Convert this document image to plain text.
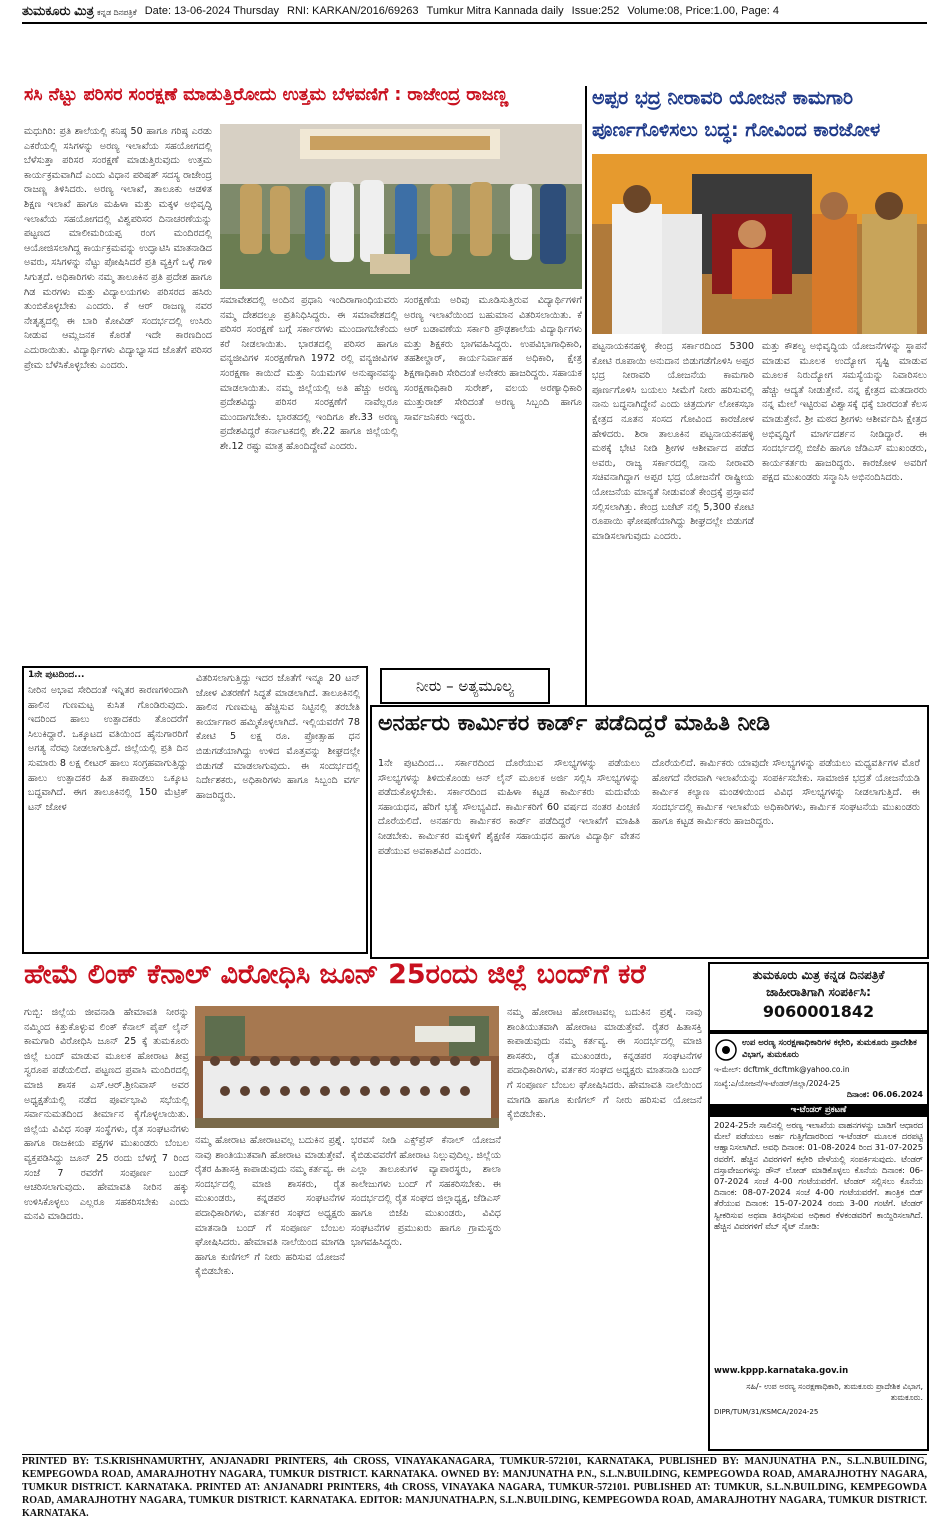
ತುಮಕೂರು ಮಿತ್ರ ಕನ್ನಡ ದಿನಪತ್ರಿಕೆ Date: 13-06-2024 Thursday RNI: KARKAN/2016/69263 Tumkur Mitra Kannada daily Issue:252 Volume:08, Price:1.00, Page: 4
ಸಸಿ ನೆಟ್ಟು ಪರಿಸರ ಸಂರಕ್ಷಣೆ ಮಾಡುತ್ತಿರೋದು ಉತ್ತಮ ಬೆಳವಣಿಗೆ : ರಾಜೇಂದ್ರ ರಾಜಣ್ಣ
ಮಧುಗಿರಿ: ಪ್ರತಿ ಶಾಲೆಯಲ್ಲಿ ಕನಿಷ್ಠ 50 ಹಾಗೂ ಗರಿಷ್ಠ ಎರಡು ಎಕರೆಯಲ್ಲಿ ಸಸಿಗಳನ್ನು ಅರಣ್ಯ ಇಲಾಖೆಯ ಸಹಯೋಗದಲ್ಲಿ ಬೆಳೆಸುತ್ತಾ ಪರಿಸರ ಸಂರಕ್ಷಣೆ ಮಾಡುತ್ತಿರುವುದು ಉತ್ತಮ ಕಾರ್ಯಕ್ರಮವಾಗಿದೆ ಎಂದು ವಿಧಾನ ಪರಿಷತ್ ಸದಸ್ಯ ರಾಜೇಂದ್ರ ರಾಜಣ್ಣ ತಿಳಿಸಿದರು. ಅರಣ್ಯ ಇಲಾಖೆ, ತಾಲೂಕು ಆಡಳಿತ ಶಿಕ್ಷಣ ಇಲಾಖೆ ಹಾಗೂ ಮಹಿಳಾ ಮತ್ತು ಮಕ್ಕಳ ಅಭಿವೃದ್ಧಿ ಇಲಾಖೆಯ ಸಹಯೋಗದಲ್ಲಿ ವಿಶ್ವಪರಿಸರ ದಿನಾಚರಣೆಯನ್ನು ಪಟ್ಟಣದ ಮಾಲೀಮರಿಯಪ್ಪ ರಂಗ ಮಂದಿರದಲ್ಲಿ ಆಯೋಜಿಸಲಾಗಿದ್ದ ಕಾರ್ಯಕ್ರಮವನ್ನು ಉದ್ಘಾಟಿಸಿ ಮಾತನಾಡಿದ ಅವರು, ಸಸಿಗಳನ್ನು ನೆಟ್ಟು ಪೋಷಿಸಿದರೆ ಪ್ರತಿ ವ್ಯಕ್ತಿಗೆ ಒಳ್ಳೆ ಗಾಳಿ ಸಿಗುತ್ತದೆ. ಅಧಿಕಾರಿಗಳು ನಮ್ಮ ತಾಲೂಕಿನ ಪ್ರತಿ ಪ್ರದೇಶ ಹಾಗೂ ಗಿಡ ಮರಗಳು ಮತ್ತು ವಿದ್ಯಾಲಯಗಳು ಪರಿಸರದ ಹಸಿರು ತುಂಬಿಕೊಳ್ಳಬೇಕು ಎಂದರು. ಕೆ ಆರ್ ರಾಜಣ್ಣ ನವರ ನೇತೃತ್ವದಲ್ಲಿ ಈ ಬಾರಿ ಕೋವಿಡ್ ಸಂದರ್ಭದಲ್ಲಿ ಉಸಿರು ನೀಡುವ ಆಮ್ಲಜನಕ ಕೊರತೆ ಇದೇ ಕಾರಣದಿಂದ ಎದುರಾಯಿತು. ವಿದ್ಯಾರ್ಥಿಗಳು ವಿದ್ಯಾಭ್ಯಾಸದ ಜೊತೆಗೆ ಪರಿಸರ ಪ್ರೇಮ ಬೆಳೆಸಿಕೊಳ್ಳಬೇಕು ಎಂದರು.
ಸಮಾವೇಶದಲ್ಲಿ ಅಂದಿನ ಪ್ರಧಾನಿ ಇಂದಿರಾಗಾಂಧಿಯವರು ನಮ್ಮ ದೇಶದಲ್ಲೂ ಪ್ರತಿನಿಧಿಸಿದ್ದರು. ಈ ಸಮಾವೇಶದಲ್ಲಿ ಪರಿಸರ ಸಂರಕ್ಷಣೆ ಬಗ್ಗೆ ಸರ್ಕಾರಗಳು ಮುಂದಾಗಬೇಕೆಂದು ಕರೆ ನೀಡಲಾಯಿತು. ಭಾರತದಲ್ಲಿ ಪರಿಸರ ಹಾಗೂ ವನ್ಯಜೀವಿಗಳ ಸಂರಕ್ಷಣೆಗಾಗಿ 1972 ರಲ್ಲಿ ವನ್ಯಜೀವಿಗಳ ಸಂರಕ್ಷಣಾ ಕಾಯಿದೆ ಮತ್ತು ನಿಯಮಗಳ ಅನುಷ್ಠಾನವನ್ನು ಮಾಡಲಾಯಿತು. ನಮ್ಮ ಜಿಲ್ಲೆಯಲ್ಲಿ ಅತಿ ಹೆಚ್ಚು ಅರಣ್ಯ ಪ್ರದೇಶವಿದ್ದು ಪರಿಸರ ಸಂರಕ್ಷಣೆಗೆ ನಾವೆಲ್ಲರೂ ಮುಂದಾಗಬೇಕು. ಭಾರತದಲ್ಲಿ ಇಂದಿಗೂ ಶೇ.33 ಅರಣ್ಯ ಪ್ರದೇಶವಿದ್ದರೆ ಕರ್ನಾಟಕದಲ್ಲಿ ಶೇ.22 ಹಾಗೂ ಜಿಲ್ಲೆಯಲ್ಲಿ ಶೇ.12 ರಷ್ಟು ಮಾತ್ರ ಹೊಂದಿದ್ದೇವೆ ಎಂದರು.
ಸಂರಕ್ಷಣೆಯ ಅರಿವು ಮೂಡಿಸುತ್ತಿರುವ ವಿದ್ಯಾರ್ಥಿಗಳಿಗೆ ಅರಣ್ಯ ಇಲಾಖೆಯಿಂದ ಬಹುಮಾನ ವಿತರಿಸಲಾಯಿತು. ಕೆ ಆರ್ ಬಡಾವಣೆಯ ಸರ್ಕಾರಿ ಪ್ರೌಢಶಾಲೆಯ ವಿದ್ಯಾರ್ಥಿಗಳು ಮತ್ತು ಶಿಕ್ಷಕರು ಭಾಗವಹಿಸಿದ್ದರು. ಉಪವಿಭಾಗಾಧಿಕಾರಿ, ತಹಶೀಲ್ದಾರ್, ಕಾರ್ಯನಿರ್ವಾಹಕ ಅಧಿಕಾರಿ, ಕ್ಷೇತ್ರ ಶಿಕ್ಷಣಾಧಿಕಾರಿ ಸೇರಿದಂತೆ ಅನೇಕರು ಹಾಜರಿದ್ದರು. ಸಹಾಯಕ ಸಂರಕ್ಷಣಾಧಿಕಾರಿ ಸುರೇಶ್, ವಲಯ ಅರಣ್ಯಾಧಿಕಾರಿ ಮುತ್ತುರಾಜ್ ಸೇರಿದಂತೆ ಅರಣ್ಯ ಸಿಬ್ಬಂದಿ ಹಾಗೂ ಸಾರ್ವಜನಿಕರು ಇದ್ದರು.
ಅಪ್ಪರ ಭದ್ರ ನೀರಾವರಿ ಯೋಜನೆ ಕಾಮಗಾರಿ
ಪೂರ್ಣಗೊಳಿಸಲು ಬದ್ಧ: ಗೋವಿಂದ ಕಾರಜೋಳ
ಪಟ್ಟನಾಯಕನಹಳ್ಳಿ ಕೇಂದ್ರ ಸರ್ಕಾರದಿಂದ 5300 ಕೋಟಿ ರೂಪಾಯಿ ಅನುದಾನ ಬಿಡುಗಡೆಗೊಳಿಸಿ ಅಪ್ಪರ ಭದ್ರ ನೀರಾವರಿ ಯೋಜನೆಯ ಕಾಮಗಾರಿ ಪೂರ್ಣಗೊಳಿಸಿ ಬಯಲು ಸೀಮೆಗೆ ನೀರು ಹರಿಸುವಲ್ಲಿ ನಾನು ಬದ್ಧನಾಗಿದ್ದೇನೆ ಎಂದು ಚಿತ್ರದುರ್ಗ ಲೋಕಸಭಾ ಕ್ಷೇತ್ರದ ನೂತನ ಸಂಸದ ಗೋವಿಂದ ಕಾರಜೋಳ ಹೇಳಿದರು. ಶಿರಾ ತಾಲೂಕಿನ ಪಟ್ಟನಾಯಕನಹಳ್ಳಿ ಮಠಕ್ಕೆ ಭೇಟಿ ನೀಡಿ ಶ್ರೀಗಳ ಆಶೀರ್ವಾದ ಪಡೆದ ಅವರು, ರಾಜ್ಯ ಸರ್ಕಾರದಲ್ಲಿ ನಾನು ನೀರಾವರಿ ಸಚಿವನಾಗಿದ್ದಾಗ ಅಪ್ಪರ ಭದ್ರ ಯೋಜನೆಗೆ ರಾಷ್ಟ್ರೀಯ ಯೋಜನೆಯ ಮಾನ್ಯತೆ ನೀಡುವಂತೆ ಕೇಂದ್ರಕ್ಕೆ ಪ್ರಸ್ತಾವನೆ ಸಲ್ಲಿಸಲಾಗಿತ್ತು. ಕೇಂದ್ರ ಬಜೆಟ್ ನಲ್ಲಿ 5,300 ಕೋಟಿ ರೂಪಾಯಿ ಘೋಷಣೆಯಾಗಿದ್ದು ಶೀಘ್ರದಲ್ಲೇ ಬಿಡುಗಡೆ ಮಾಡಿಸಲಾಗುವುದು ಎಂದರು.
ಮತ್ತು ಕೌಶಲ್ಯ ಅಭಿವೃದ್ಧಿಯ ಯೋಜನೆಗಳನ್ನು ಸ್ಥಾಪನೆ ಮಾಡುವ ಮೂಲಕ ಉದ್ಯೋಗ ಸೃಷ್ಟಿ ಮಾಡುವ ಮೂಲಕ ನಿರುದ್ಯೋಗ ಸಮಸ್ಯೆಯನ್ನು ನಿವಾರಿಸಲು ಹೆಚ್ಚು ಆದ್ಯತೆ ನೀಡುತ್ತೇನೆ. ನನ್ನ ಕ್ಷೇತ್ರದ ಮತದಾರರು ನನ್ನ ಮೇಲೆ ಇಟ್ಟಿರುವ ವಿಶ್ವಾಸಕ್ಕೆ ಧಕ್ಕೆ ಬಾರದಂತೆ ಕೆಲಸ ಮಾಡುತ್ತೇನೆ. ಶ್ರೀ ಮಠದ ಶ್ರೀಗಳು ಆಶೀರ್ವದಿಸಿ ಕ್ಷೇತ್ರದ ಅಭಿವೃದ್ಧಿಗೆ ಮಾರ್ಗದರ್ಶನ ನೀಡಿದ್ದಾರೆ. ಈ ಸಂದರ್ಭದಲ್ಲಿ ಬಿಜೆಪಿ ಹಾಗೂ ಜೆಡಿಎಸ್ ಮುಖಂಡರು, ಕಾರ್ಯಕರ್ತರು ಹಾಜರಿದ್ದರು. ಕಾರಜೋಳ ಅವರಿಗೆ ಪಕ್ಷದ ಮುಖಂಡರು ಸನ್ಮಾನಿಸಿ ಅಭಿನಂದಿಸಿದರು.
1ನೇ ಪುಟದಿಂದ...
ನೀರಿನ ಅಭಾವ ಸೇರಿದಂತೆ ಇನ್ನಿತರ ಕಾರಣಗಳಿಂದಾಗಿ ಹಾಲಿನ ಗುಣಮಟ್ಟ ಕುಸಿತ ಗೊಂಡಿರುವುದು. ಇದರಿಂದ ಹಾಲು ಉತ್ಪಾದಕರು ತೊಂದರೆಗೆ ಸಿಲುಕಿದ್ದಾರೆ. ಒಕ್ಕೂಟದ ವತಿಯಿಂದ ಹೈನುಗಾರರಿಗೆ ಅಗತ್ಯ ನೆರವು ನೀಡಲಾಗುತ್ತಿದೆ. ಜಿಲ್ಲೆಯಲ್ಲಿ ಪ್ರತಿ ದಿನ ಸುಮಾರು 8 ಲಕ್ಷ ಲೀಟರ್ ಹಾಲು ಸಂಗ್ರಹವಾಗುತ್ತಿದ್ದು ಹಾಲು ಉತ್ಪಾದಕರ ಹಿತ ಕಾಪಾಡಲು ಒಕ್ಕೂಟ ಬದ್ಧವಾಗಿದೆ. ಈಗ ತಾಲೂಕಿನಲ್ಲಿ 150 ಮೆಟ್ರಿಕ್ ಟನ್ ಜೋಳ
ವಿತರಿಸಲಾಗುತ್ತಿದ್ದು ಇದರ ಜೊತೆಗೆ ಇನ್ನೂ 20 ಟನ್ ಜೋಳ ವಿತರಣೆಗೆ ಸಿದ್ಧತೆ ಮಾಡಲಾಗಿದೆ. ತಾಲೂಕಿನಲ್ಲಿ ಹಾಲಿನ ಗುಣಮಟ್ಟ ಹೆಚ್ಚಿಸುವ ನಿಟ್ಟಿನಲ್ಲಿ ತರಬೇತಿ ಕಾರ್ಯಾಗಾರ ಹಮ್ಮಿಕೊಳ್ಳಲಾಗಿದೆ. ಇಲ್ಲಿಯವರೆಗೆ 78 ಕೋಟಿ 5 ಲಕ್ಷ ರೂ. ಪ್ರೋತ್ಸಾಹ ಧನ ಬಿಡುಗಡೆಯಾಗಿದ್ದು ಉಳಿದ ಮೊತ್ತವನ್ನು ಶೀಘ್ರದಲ್ಲೇ ಬಿಡುಗಡೆ ಮಾಡಲಾಗುವುದು. ಈ ಸಂದರ್ಭದಲ್ಲಿ ನಿರ್ದೇಶಕರು, ಅಧಿಕಾರಿಗಳು ಹಾಗೂ ಸಿಬ್ಬಂದಿ ವರ್ಗ ಹಾಜರಿದ್ದರು.
ನೀರು – ಅತ್ಯಮೂಲ್ಯ
ಅನರ್ಹರು ಕಾರ್ಮಿಕರ ಕಾರ್ಡ್ ಪಡೆದಿದ್ದರೆ ಮಾಹಿತಿ ನೀಡಿ
1ನೇ ಪುಟದಿಂದ... ಸರ್ಕಾರದಿಂದ ದೊರೆಯುವ ಸೌಲಭ್ಯಗಳನ್ನು ಪಡೆಯಲು ಸೌಲಭ್ಯಗಳನ್ನು ತಿಳಿದುಕೊಂಡು ಆನ್ ಲೈನ್ ಮೂಲಕ ಅರ್ಜಿ ಸಲ್ಲಿಸಿ ಸೌಲಭ್ಯಗಳನ್ನು ಪಡೆದುಕೊಳ್ಳಬೇಕು. ಸರ್ಕಾರದಿಂದ ಮಹಿಳಾ ಕಟ್ಟಡ ಕಾರ್ಮಿಕರು ಮದುವೆಯ ಸಹಾಯಧನ, ಹೆರಿಗೆ ಭತ್ಯೆ ಸೌಲಭ್ಯವಿದೆ. ಕಾರ್ಮಿಕರಿಗೆ 60 ವರ್ಷದ ನಂತರ ಪಿಂಚಣಿ ದೊರೆಯಲಿದೆ. ಅನರ್ಹರು ಕಾರ್ಮಿಕರ ಕಾರ್ಡ್ ಪಡೆದಿದ್ದರೆ ಇಲಾಖೆಗೆ ಮಾಹಿತಿ ನೀಡಬೇಕು. ಕಾರ್ಮಿಕರ ಮಕ್ಕಳಿಗೆ ಶೈಕ್ಷಣಿಕ ಸಹಾಯಧನ ಹಾಗೂ ವಿದ್ಯಾರ್ಥಿ ವೇತನ ಪಡೆಯುವ ಅವಕಾಶವಿದೆ ಎಂದರು.
ದೊರೆಯಲಿದೆ. ಕಾರ್ಮಿಕರು ಯಾವುದೇ ಸೌಲಭ್ಯಗಳನ್ನು ಪಡೆಯಲು ಮಧ್ಯವರ್ತಿಗಳ ಮೊರೆ ಹೋಗದೆ ನೇರವಾಗಿ ಇಲಾಖೆಯನ್ನು ಸಂಪರ್ಕಿಸಬೇಕು. ಸಾಮಾಜಿಕ ಭದ್ರತೆ ಯೋಜನೆಯಡಿ ಕಾರ್ಮಿಕ ಕಲ್ಯಾಣ ಮಂಡಳಿಯಿಂದ ವಿವಿಧ ಸೌಲಭ್ಯಗಳನ್ನು ನೀಡಲಾಗುತ್ತಿದೆ. ಈ ಸಂದರ್ಭದಲ್ಲಿ ಕಾರ್ಮಿಕ ಇಲಾಖೆಯ ಅಧಿಕಾರಿಗಳು, ಕಾರ್ಮಿಕ ಸಂಘಟನೆಯ ಮುಖಂಡರು ಹಾಗೂ ಕಟ್ಟಡ ಕಾರ್ಮಿಕರು ಹಾಜರಿದ್ದರು.
ಹೇಮೆ ಲಿಂಕ್ ಕೆನಾಲ್ ವಿರೋಧಿಸಿ ಜೂನ್ 25ರಂದು ಜಿಲ್ಲೆ ಬಂದ್‌ಗೆ ಕರೆ
ಗುಬ್ಬಿ: ಜಿಲ್ಲೆಯ ಜೀವನಾಡಿ ಹೇಮಾವತಿ ನೀರನ್ನು ನಮ್ಮಿಂದ ಕಿತ್ತುಕೊಳ್ಳುವ ಲಿಂಕ್ ಕೆನಾಲ್ ಪೈಪ್ ಲೈನ್ ಕಾಮಗಾರಿ ವಿರೋಧಿಸಿ ಜೂನ್ 25 ಕ್ಕೆ ತುಮಕೂರು ಜಿಲ್ಲೆ ಬಂದ್ ಮಾಡುವ ಮೂಲಕ ಹೋರಾಟ ತೀವ್ರ ಸ್ವರೂಪ ಪಡೆಯಲಿದೆ. ಪಟ್ಟಣದ ಪ್ರವಾಸಿ ಮಂದಿರದಲ್ಲಿ ಮಾಜಿ ಶಾಸಕ ಎಸ್.ಆರ್.ಶ್ರೀನಿವಾಸ್ ಅವರ ಅಧ್ಯಕ್ಷತೆಯಲ್ಲಿ ನಡೆದ ಪೂರ್ವಭಾವಿ ಸಭೆಯಲ್ಲಿ ಸರ್ವಾನುಮತದಿಂದ ತೀರ್ಮಾನ ಕೈಗೊಳ್ಳಲಾಯಿತು. ಜಿಲ್ಲೆಯ ವಿವಿಧ ಸಂಘ ಸಂಸ್ಥೆಗಳು, ರೈತ ಸಂಘಟನೆಗಳು ಹಾಗೂ ರಾಜಕೀಯ ಪಕ್ಷಗಳ ಮುಖಂಡರು ಬೆಂಬಲ ವ್ಯಕ್ತಪಡಿಸಿದ್ದು ಜೂನ್ 25 ರಂದು ಬೆಳಗ್ಗೆ 7 ರಿಂದ ಸಂಜೆ 7 ರವರೆಗೆ ಸಂಪೂರ್ಣ ಬಂದ್ ಆಚರಿಸಲಾಗುವುದು. ಹೇಮಾವತಿ ನೀರಿನ ಹಕ್ಕು ಉಳಿಸಿಕೊಳ್ಳಲು ಎಲ್ಲರೂ ಸಹಕರಿಸಬೇಕು ಎಂದು ಮನವಿ ಮಾಡಿದರು.
ನಮ್ಮ ಹೋರಾಟ ಹೋರಾಟವಲ್ಲ ಬದುಕಿನ ಪ್ರಶ್ನೆ. ನಾವು ಶಾಂತಿಯುತವಾಗಿ ಹೋರಾಟ ಮಾಡುತ್ತೇವೆ. ರೈತರ ಹಿತಾಸಕ್ತಿ ಕಾಪಾಡುವುದು ನಮ್ಮ ಕರ್ತವ್ಯ. ಈ ಸಂದರ್ಭದಲ್ಲಿ ಮಾಜಿ ಶಾಸಕರು, ರೈತ ಮುಖಂಡರು, ಕನ್ನಡಪರ ಸಂಘಟನೆಗಳ ಪದಾಧಿಕಾರಿಗಳು, ವರ್ತಕರ ಸಂಘದ ಅಧ್ಯಕ್ಷರು ಮಾತನಾಡಿ ಬಂದ್ ಗೆ ಸಂಪೂರ್ಣ ಬೆಂಬಲ ಘೋಷಿಸಿದರು. ಹೇಮಾವತಿ ನಾಲೆಯಿಂದ ಮಾಗಡಿ ಹಾಗೂ ಕುಣಿಗಲ್ ಗೆ ನೀರು ಹರಿಸುವ ಯೋಜನೆ ಕೈಬಿಡಬೇಕು.
ಭರವಸೆ ನೀಡಿ ಎಕ್ಸ್‌ಪ್ರೆಸ್ ಕೆನಾಲ್ ಯೋಜನೆ ಕೈಬಿಡುವವರೆಗೆ ಹೋರಾಟ ನಿಲ್ಲುವುದಿಲ್ಲ. ಜಿಲ್ಲೆಯ ಎಲ್ಲಾ ತಾಲೂಕುಗಳ ವ್ಯಾಪಾರಸ್ಥರು, ಶಾಲಾ ಕಾಲೇಜುಗಳು ಬಂದ್ ಗೆ ಸಹಕರಿಸಬೇಕು. ಈ ಸಂದರ್ಭದಲ್ಲಿ ರೈತ ಸಂಘದ ಜಿಲ್ಲಾಧ್ಯಕ್ಷ, ಜೆಡಿಎಸ್ ಹಾಗೂ ಬಿಜೆಪಿ ಮುಖಂಡರು, ವಿವಿಧ ಸಂಘಟನೆಗಳ ಪ್ರಮುಖರು ಹಾಗೂ ಗ್ರಾಮಸ್ಥರು ಭಾಗವಹಿಸಿದ್ದರು.
ನಮ್ಮ ಹೋರಾಟ ಹೋರಾಟವಲ್ಲ ಬದುಕಿನ ಪ್ರಶ್ನೆ. ನಾವು ಶಾಂತಿಯುತವಾಗಿ ಹೋರಾಟ ಮಾಡುತ್ತೇವೆ. ರೈತರ ಹಿತಾಸಕ್ತಿ ಕಾಪಾಡುವುದು ನಮ್ಮ ಕರ್ತವ್ಯ. ಈ ಸಂದರ್ಭದಲ್ಲಿ ಮಾಜಿ ಶಾಸಕರು, ರೈತ ಮುಖಂಡರು, ಕನ್ನಡಪರ ಸಂಘಟನೆಗಳ ಪದಾಧಿಕಾರಿಗಳು, ವರ್ತಕರ ಸಂಘದ ಅಧ್ಯಕ್ಷರು ಮಾತನಾಡಿ ಬಂದ್ ಗೆ ಸಂಪೂರ್ಣ ಬೆಂಬಲ ಘೋಷಿಸಿದರು. ಹೇಮಾವತಿ ನಾಲೆಯಿಂದ ಮಾಗಡಿ ಹಾಗೂ ಕುಣಿಗಲ್ ಗೆ ನೀರು ಹರಿಸುವ ಯೋಜನೆ ಕೈಬಿಡಬೇಕು.
ತುಮಕೂರು ಮಿತ್ರ ಕನ್ನಡ ದಿನಪತ್ರಿಕೆ
ಜಾಹೀರಾತಿಗಾಗಿ ಸಂಪರ್ಕಿಸಿ:
9060001842
ಉಪ ಅರಣ್ಯ ಸಂರಕ್ಷಣಾಧಿಕಾರಿಗಳ ಕಛೇರಿ, ತುಮಕೂರು ಪ್ರಾದೇಶಿಕ ವಿಭಾಗ, ತುಮಕೂರು
ಇ-ಮೇಲ್: dcftmk_dcftmk@yahoo.co.in
ಸಂಖ್ಯೆ:ಎ/ಯೋಜನೆ/ಇ-ಟೆಂಡರ್/ಜಿಲ್ಲಾ/2024-25
ದಿನಾಂಕ: 06.06.2024
ಇ-ಟೆಂಡರ್ ಪ್ರಕಟಣೆ
2024-25ನೇ ಸಾಲಿನಲ್ಲಿ ಅರಣ್ಯ ಇಲಾಖೆಯ ವಾಹನಗಳನ್ನು ಬಾಡಿಗೆ ಆಧಾರದ ಮೇಲೆ ಪಡೆಯಲು ಅರ್ಹ ಗುತ್ತಿಗೆದಾರರಿಂದ ಇ-ಟೆಂಡರ್ ಮೂಲಕ ದರಪಟ್ಟಿ ಆಹ್ವಾನಿಸಲಾಗಿದೆ. ಅವಧಿ ದಿನಾಂಕ: 01-08-2024 ರಿಂದ 31-07-2025 ರವರೆಗೆ. ಹೆಚ್ಚಿನ ವಿವರಗಳಿಗೆ ಕಛೇರಿ ವೇಳೆಯಲ್ಲಿ ಸಂಪರ್ಕಿಸುವುದು. ಟೆಂಡರ್ ದಸ್ತಾವೇಜುಗಳನ್ನು ಡೌನ್ ಲೋಡ್ ಮಾಡಿಕೊಳ್ಳಲು ಕೊನೆಯ ದಿನಾಂಕ: 06-07-2024 ಸಂಜೆ 4-00 ಗಂಟೆಯವರೆಗೆ. ಟೆಂಡರ್ ಸಲ್ಲಿಸಲು ಕೊನೆಯ ದಿನಾಂಕ: 08-07-2024 ಸಂಜೆ 4-00 ಗಂಟೆಯವರೆಗೆ. ತಾಂತ್ರಿಕ ಬಿಡ್ ತೆರೆಯುವ ದಿನಾಂಕ: 15-07-2024 ರಂದು 3-00 ಗಂಟೆಗೆ. ಟೆಂಡರ್ ಸ್ವೀಕರಿಸುವ ಅಥವಾ ತಿರಸ್ಕರಿಸುವ ಅಧಿಕಾರ ಕೆಳಕಂಡವರಿಗೆ ಕಾಯ್ದಿರಿಸಲಾಗಿದೆ. ಹೆಚ್ಚಿನ ವಿವರಗಳಿಗೆ ವೆಬ್ ಸೈಟ್ ನೋಡಿ:
www.kppp.karnataka.gov.in
ಸಹಿ/- ಉಪ ಅರಣ್ಯ ಸಂರಕ್ಷಣಾಧಿಕಾರಿ, ತುಮಕೂರು ಪ್ರಾದೇಶಿಕ ವಿಭಾಗ, ತುಮಕೂರು.
DIPR/TUM/31/KSMCA/2024-25
PRINTED BY: T.S.KRISHNAMURTHY, ANJANADRI PRINTERS, 4th CROSS, VINAYAKANAGARA, TUMKUR-572101, KARNATAKA, PUBLISHED BY: MANJUNATHA P.N., S.L.N.BUILDING, KEMPEGOWDA ROAD, AMARAJHOTHY NAGARA, TUMKUR DISTRICT. KARNATAKA. OWNED BY: MANJUNATHA P.N., S.L.N.BUILDING, KEMPEGOWDA ROAD, AMARAJHOTHY NAGARA, TUMKUR DISTRICT. KARNATAKA. PRINTED AT: ANJANADRI PRINTERS, 4th CROSS, VINAYAKA NAGARA, TUMKUR-572101. PUBLISHED AT: TUMKUR, S.L.N.BUILDING, KEMPEGOWDA ROAD, AMARAJHOTHY NAGARA, TUMKUR DISTRICT. KARNATAKA. EDITOR: MANJUNATHA.P.N, S.L.N.BUILDING, KEMPEGOWDA ROAD, AMARAJHOTHY NAGARA, TUMKUR DISTRICT. KARNATAKA.
